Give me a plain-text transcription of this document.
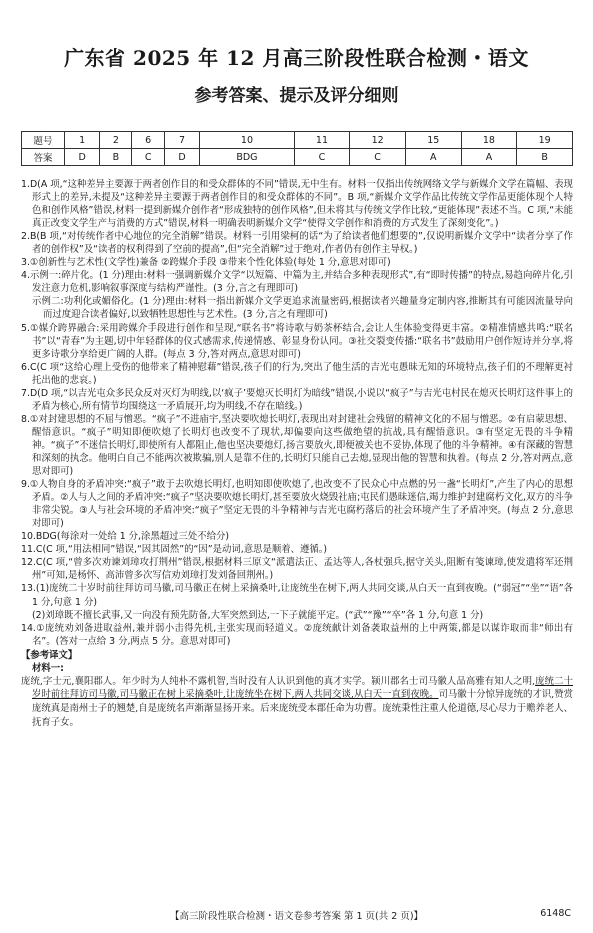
广东省 2025 年 12 月高三阶段性联合检测・语文
参考答案、提示及评分细则
题号	1	2	6	7	10	11	12	15	18	19
答案	D	B	C	D	BDG	C	C	A	A	B

1.D(A 项,“这种差异主要源于两者创作目的和受众群体的不同”错误,无中生有。材料一仅指出传统网络文学与新媒介文学在篇幅、表现形式上的差异,未提及“这种差异主要源于两者创作目的和受众群体的不同”。B 项,“新媒介文学作品比传统文学作品更能体现个人特色和创作风格”错误,材料一提到新媒介创作者“形成独特的创作风格”,但未将其与传统文学作比较,“更能体现”表述不当。C 项,“未能真正改变文学生产与消费的方式”错误,材料一明确表明新媒介文学“使得文学创作和消费的方式发生了深刻变化”。)

2.B(B 项,“对传统作者中心地位的完全消解”错误。材料一引用梁柯的话“为了给读者他们想要的”,仅说明新媒介文学中“读者分享了作者的创作权”及“读者的权利得到了空前的提高”,但“完全消解”过于绝对,作者仍有创作主导权。)

3.①创新性与艺术性(文学性)兼备 ②跨媒介手段 ③带来个性化体验(每处 1 分,意思对即可)

4.示例一:碎片化。(1 分)理由:材料一强调新媒介文学“以短篇、中篇为主,并结合多种表现形式”,有“即时传播”的特点,易趋向碎片化,引发注意力危机,影响叙事深度与结构严谨性。(3 分,言之有理即可)

示例二:功利化或媚俗化。(1 分)理由:材料一指出新媒介文学更追求流量密码,根据读者兴趣量身定制内容,推断其有可能因流量导向而过度迎合读者偏好,以致牺牲思想性与艺术性。(3 分,言之有理即可)

5.①媒介跨界融合:采用跨媒介手段进行创作和呈现,“联名书”将诗歌与奶茶杯结合,会让人生体验变得更丰富。②精准情感共鸣:“联名书”以“青春”为主题,切中年轻群体的仪式感需求,传递情感、彰显身份认同。③社交裂变传播:“联名书”鼓励用户创作短诗并分享,将更多诗歌分享给更广阔的人群。(每点 3 分,答对两点,意思对即可)

6.C(C 项“这给心理上受伤的他带来了精神慰藉”错误,孩子们的行为,突出了他生活的吉光屯愚昧无知的环境特点,孩子们的不理解更衬托出他的悲哀。)

7.D(D 项,“以吉光屯众多民众反对灭灯为明线,以‘疯子’要熄灭长明灯为暗线”错误,小说以“疯子”与吉光屯村民在熄灭长明灯这件事上的矛盾为核心,所有情节均围绕这一矛盾展开,均为明线,不存在暗线。)

8.①对封建思想的不屈与憎恶。“疯子”不进庙宇,坚决要吹熄长明灯,表现出对封建社会残留的精神文化的不屈与憎恶。②有启蒙思想、醒悟意识。“疯子”明知即便吹熄了长明灯也改变不了现状,却偏要向这些做绝望的抗战,具有醒悟意识。③有坚定无畏的斗争精神。“疯子”不迷信长明灯,即使所有人都阻止,他也坚决要熄灯,扬言要放火,即便被关也不妥协,体现了他的斗争精神。④有深藏的智慧和深刻的执念。他明白自己不能两次被欺骗,别人是靠不住的,长明灯只能自己去熄,显现出他的智慧和执着。(每点 2 分,答对两点,意思对即可)

9.①人物自身的矛盾冲突:“疯子”敢于去吹熄长明灯,也明知即使吹熄了,也改变不了民众心中点燃的另一盏“长明灯”,产生了内心的思想矛盾。②人与人之间的矛盾冲突:“疯子”坚决要吹熄长明灯,甚至要放火烧毁社庙;屯民们愚昧迷信,竭力维护封建腐朽文化,双方的斗争非常尖锐。③人与社会环境的矛盾冲突:“疯子”坚定无畏的斗争精神与吉光屯腐朽落后的社会环境产生了矛盾冲突。(每点 2 分,意思对即可)

10.BDG(每涂对一处给 1 分,涂黑超过三处不给分)

11.C(C 项,“用法相同”错误,“因其固然”的“因”是动词,意思是顺着、遵循。)

12.C(C 项,“曾多次劝谏刘璋攻打荆州”错误,根据材料三原文“派遣法正、孟达等人,各杖强兵,据守关头,阻断有笺谏璋,使发遣将军还荆州”可知,是杨怀、高沛曾多次写信劝刘璋打发刘备回荆州。)

13.(1)庞统二十岁时前往拜访司马徽,司马徽正在树上采摘桑叶,让庞统坐在树下,两人共同交谈,从白天一直到夜晚。(“弱冠”“坐”“语”各 1 分,句意 1 分)

(2)刘璋既不擅长武事,又一向没有预先防备,大军突然到达,一下子就能平定。(“武”“豫”“卒”各 1 分,句意 1 分)

14.①庞统劝刘备进取益州,兼并弱小击得先机,主张实现而轻道义。②庞统献计刘备袭取益州的上中两策,都是以谋诈取而非“师出有名”。(答对一点给 3 分,两点 5 分。意思对即可)

【参考译文】
材料一:

庞统,字士元,襄阳郡人。年少时为人纯朴不露机智,当时没有人认识到他的真才实学。颍川郡名士司马徽人品高雅有知人之明,庞统二十岁时前往拜访司马徽,司马徽正在树上采摘桑叶,让庞统坐在树下,两人共同交谈,从白天一直到夜晚。司马徽十分惊异庞统的才识,赞赏庞统真是南州士子的翘楚,自是庞统名声渐渐显扬开来。后来庞统受本郡任命为功曹。庞统秉性注重人伦道德,尽心尽力于赡养老人、抚育子女。

【高三阶段性联合检测・语文卷参考答案 第 1 页(共 2 页)】	6148C
